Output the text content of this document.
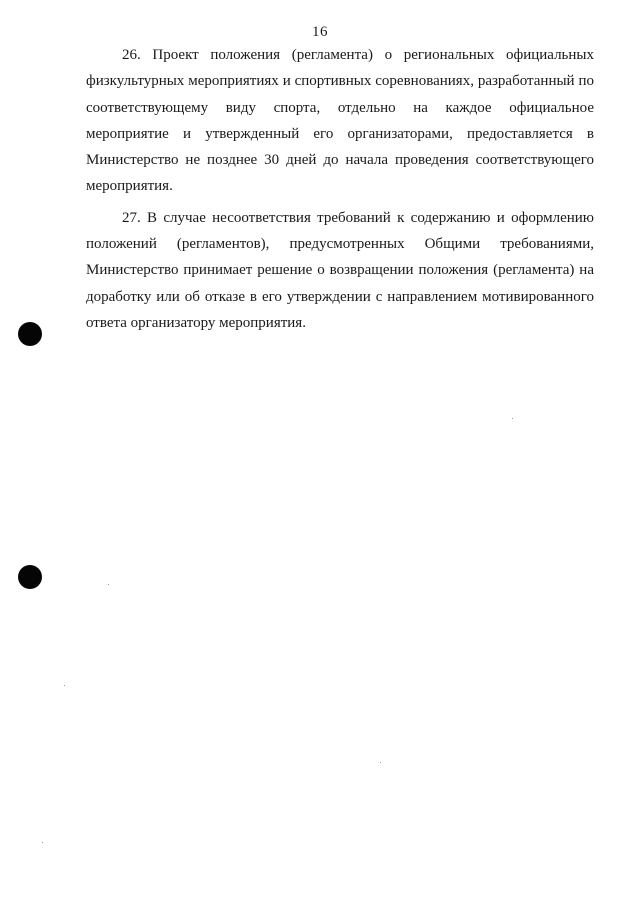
16

26. Проект положения (регламента) о региональных официальных физкультурных мероприятиях и спортивных соревнованиях, разработанный по соответствующему виду спорта, отдельно на каждое официальное мероприятие и утвержденный его организаторами, предоставляется в Министерство не позднее 30 дней до начала проведения соответствующего мероприятия.

27. В случае несоответствия требований к содержанию и оформлению положений (регламентов), предусмотренных Общими требованиями, Министерство принимает решение о возвращении положения (регламента) на доработку или об отказе в его утверждении с направлением мотивированного ответа организатору мероприятия.
